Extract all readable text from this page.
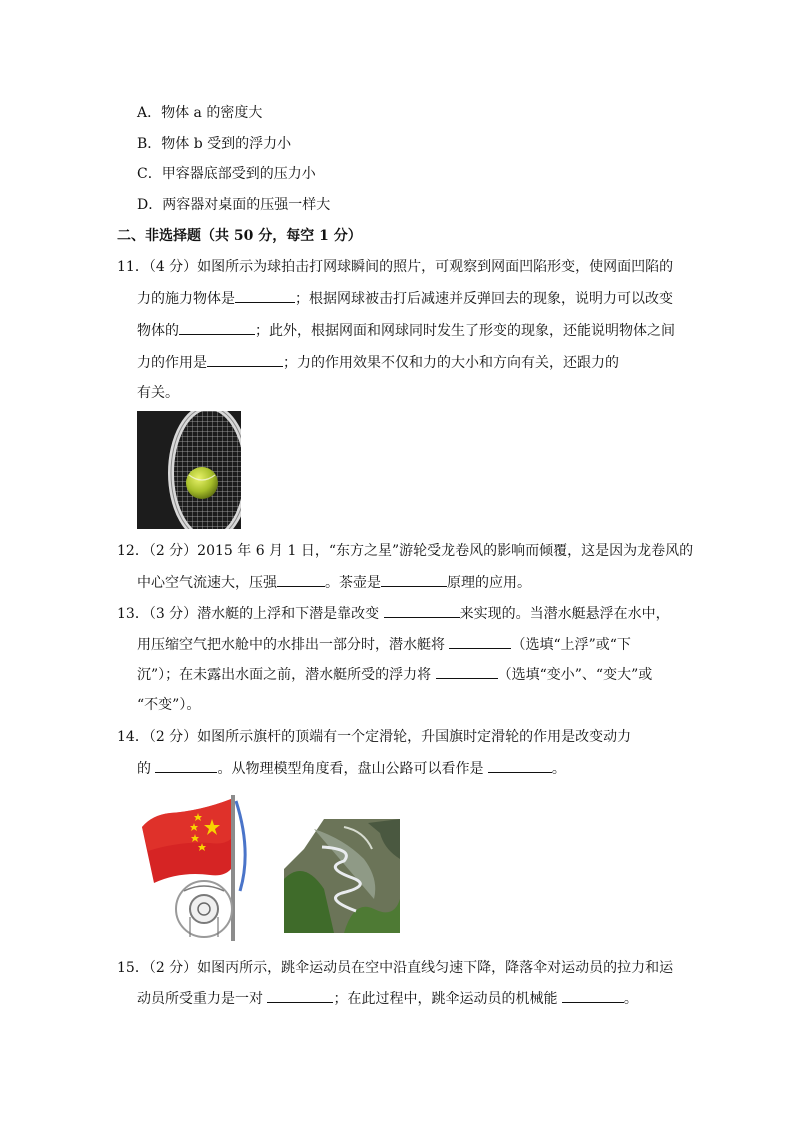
A．物体 a 的密度大
B．物体 b 受到的浮力小
C．甲容器底部受到的压力小
D．两容器对桌面的压强一样大
二、非选择题（共 50 分，每空 1 分）
11．（4 分）如图所示为球拍击打网球瞬间的照片，可观察到网面凹陷形变，使网面凹陷的
力的施力物体是	；根据网球被击打后减速并反弹回去的现象，说明力可以改变
物体的	；此外，根据网面和网球同时发生了形变的现象，还能说明物体之间
力的作用是	；力的作用效果不仅和力的大小和方向有关，还跟力的
有关。
12．（2 分）2015 年 6 月 1 日，“东方之星”游轮受龙卷风的影响而倾覆，这是因为龙卷风的
中心空气流速大，压强	。茶壶是	原理的应用。
13．（3 分）潜水艇的上浮和下潜是靠改变	来实现的。当潜水艇悬浮在水中，
用压缩空气把水舱中的水排出一部分时，潜水艇将	（选填“上浮”或“下
沉”）；在未露出水面之前，潜水艇所受的浮力将	（选填“变小”、“变大”或
“不变”）。
14．（2 分）如图所示旗杆的顶端有一个定滑轮，升国旗时定滑轮的作用是改变动力
的	。从物理模型角度看，盘山公路可以看作是	。
15．（2 分）如图丙所示，跳伞运动员在空中沿直线匀速下降，降落伞对运动员的拉力和运
动员所受重力是一对	；在此过程中，跳伞运动员的机械能	。
